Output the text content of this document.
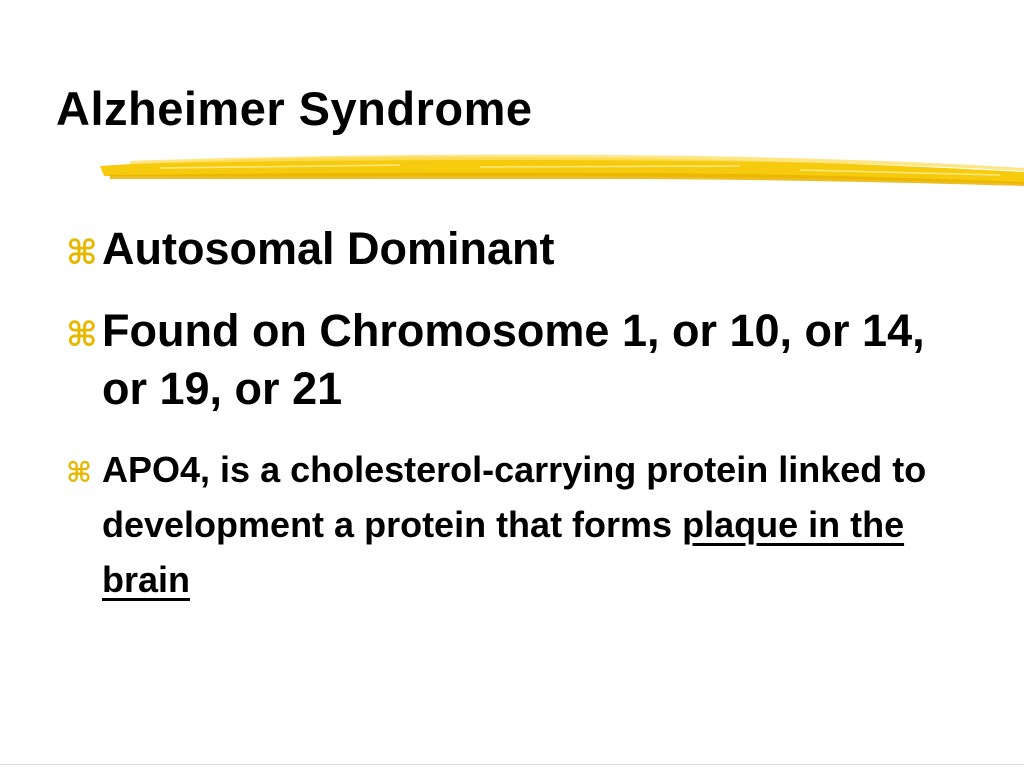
Alzheimer Syndrome
⌘ Autosomal Dominant
⌘ Found on Chromosome 1, or 10, or 14, or 19, or 21
⌘ APO4, is a cholesterol-carrying protein linked to development a protein that forms plaque in the brain
